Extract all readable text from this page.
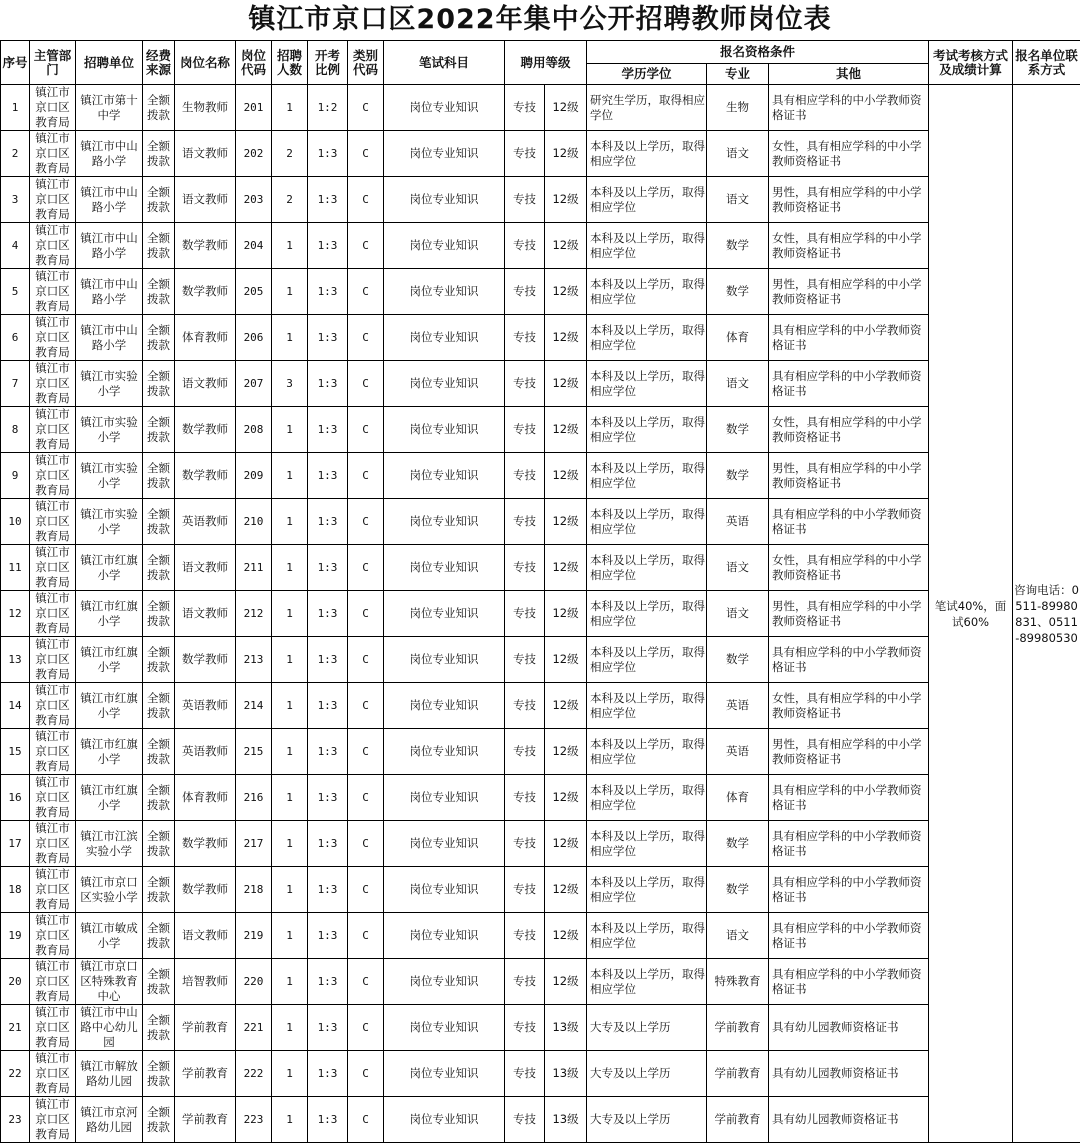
镇江市京口区2022年集中公开招聘教师岗位表
序号	主管部门	招聘单位	经费来源	岗位名称	岗位代码	招聘人数	开考比例	类别代码	笔试科目	聘用等级		报名资格条件			考试考核方式及成绩计算	报名单位联系方式
												学历学位	专业	其他		
1	镇江市京口区教育局	镇江市第十中学	全额拨款	生物教师	201	1	1:2	C	岗位专业知识	专技	12级	研究生学历，取得相应学位	生物	具有相应学科的中小学教师资格证书	笔试40%，面试60%	咨询电话：0511-89980831、0511-89980530
2	镇江市京口区教育局	镇江市中山路小学	全额拨款	语文教师	202	2	1:3	C	岗位专业知识	专技	12级	本科及以上学历，取得相应学位	语文	女性，具有相应学科的中小学教师资格证书		
3	镇江市京口区教育局	镇江市中山路小学	全额拨款	语文教师	203	2	1:3	C	岗位专业知识	专技	12级	本科及以上学历，取得相应学位	语文	男性，具有相应学科的中小学教师资格证书		
4	镇江市京口区教育局	镇江市中山路小学	全额拨款	数学教师	204	1	1:3	C	岗位专业知识	专技	12级	本科及以上学历，取得相应学位	数学	女性，具有相应学科的中小学教师资格证书		
5	镇江市京口区教育局	镇江市中山路小学	全额拨款	数学教师	205	1	1:3	C	岗位专业知识	专技	12级	本科及以上学历，取得相应学位	数学	男性，具有相应学科的中小学教师资格证书		
6	镇江市京口区教育局	镇江市中山路小学	全额拨款	体育教师	206	1	1:3	C	岗位专业知识	专技	12级	本科及以上学历，取得相应学位	体育	具有相应学科的中小学教师资格证书		
7	镇江市京口区教育局	镇江市实验小学	全额拨款	语文教师	207	3	1:3	C	岗位专业知识	专技	12级	本科及以上学历，取得相应学位	语文	具有相应学科的中小学教师资格证书		
8	镇江市京口区教育局	镇江市实验小学	全额拨款	数学教师	208	1	1:3	C	岗位专业知识	专技	12级	本科及以上学历，取得相应学位	数学	女性，具有相应学科的中小学教师资格证书		
9	镇江市京口区教育局	镇江市实验小学	全额拨款	数学教师	209	1	1:3	C	岗位专业知识	专技	12级	本科及以上学历，取得相应学位	数学	男性，具有相应学科的中小学教师资格证书		
10	镇江市京口区教育局	镇江市实验小学	全额拨款	英语教师	210	1	1:3	C	岗位专业知识	专技	12级	本科及以上学历，取得相应学位	英语	具有相应学科的中小学教师资格证书		
11	镇江市京口区教育局	镇江市红旗小学	全额拨款	语文教师	211	1	1:3	C	岗位专业知识	专技	12级	本科及以上学历，取得相应学位	语文	女性，具有相应学科的中小学教师资格证书		
12	镇江市京口区教育局	镇江市红旗小学	全额拨款	语文教师	212	1	1:3	C	岗位专业知识	专技	12级	本科及以上学历，取得相应学位	语文	男性，具有相应学科的中小学教师资格证书		
13	镇江市京口区教育局	镇江市红旗小学	全额拨款	数学教师	213	1	1:3	C	岗位专业知识	专技	12级	本科及以上学历，取得相应学位	数学	具有相应学科的中小学教师资格证书		
14	镇江市京口区教育局	镇江市红旗小学	全额拨款	英语教师	214	1	1:3	C	岗位专业知识	专技	12级	本科及以上学历，取得相应学位	英语	女性，具有相应学科的中小学教师资格证书		
15	镇江市京口区教育局	镇江市红旗小学	全额拨款	英语教师	215	1	1:3	C	岗位专业知识	专技	12级	本科及以上学历，取得相应学位	英语	男性，具有相应学科的中小学教师资格证书		
16	镇江市京口区教育局	镇江市红旗小学	全额拨款	体育教师	216	1	1:3	C	岗位专业知识	专技	12级	本科及以上学历，取得相应学位	体育	具有相应学科的中小学教师资格证书		
17	镇江市京口区教育局	镇江市江滨实验小学	全额拨款	数学教师	217	1	1:3	C	岗位专业知识	专技	12级	本科及以上学历，取得相应学位	数学	具有相应学科的中小学教师资格证书		
18	镇江市京口区教育局	镇江市京口区实验小学	全额拨款	数学教师	218	1	1:3	C	岗位专业知识	专技	12级	本科及以上学历，取得相应学位	数学	具有相应学科的中小学教师资格证书		
19	镇江市京口区教育局	镇江市敏成小学	全额拨款	语文教师	219	1	1:3	C	岗位专业知识	专技	12级	本科及以上学历，取得相应学位	语文	具有相应学科的中小学教师资格证书		
20	镇江市京口区教育局	镇江市京口区特殊教育中心	全额拨款	培智教师	220	1	1:3	C	岗位专业知识	专技	12级	本科及以上学历，取得相应学位	特殊教育	具有相应学科的中小学教师资格证书		
21	镇江市京口区教育局	镇江市中山路中心幼儿园	全额拨款	学前教育	221	1	1:3	C	岗位专业知识	专技	13级	大专及以上学历	学前教育	具有幼儿园教师资格证书		
22	镇江市京口区教育局	镇江市解放路幼儿园	全额拨款	学前教育	222	1	1:3	C	岗位专业知识	专技	13级	大专及以上学历	学前教育	具有幼儿园教师资格证书		
23	镇江市京口区教育局	镇江市京河路幼儿园	全额拨款	学前教育	223	1	1:3	C	岗位专业知识	专技	13级	大专及以上学历	学前教育	具有幼儿园教师资格证书		
